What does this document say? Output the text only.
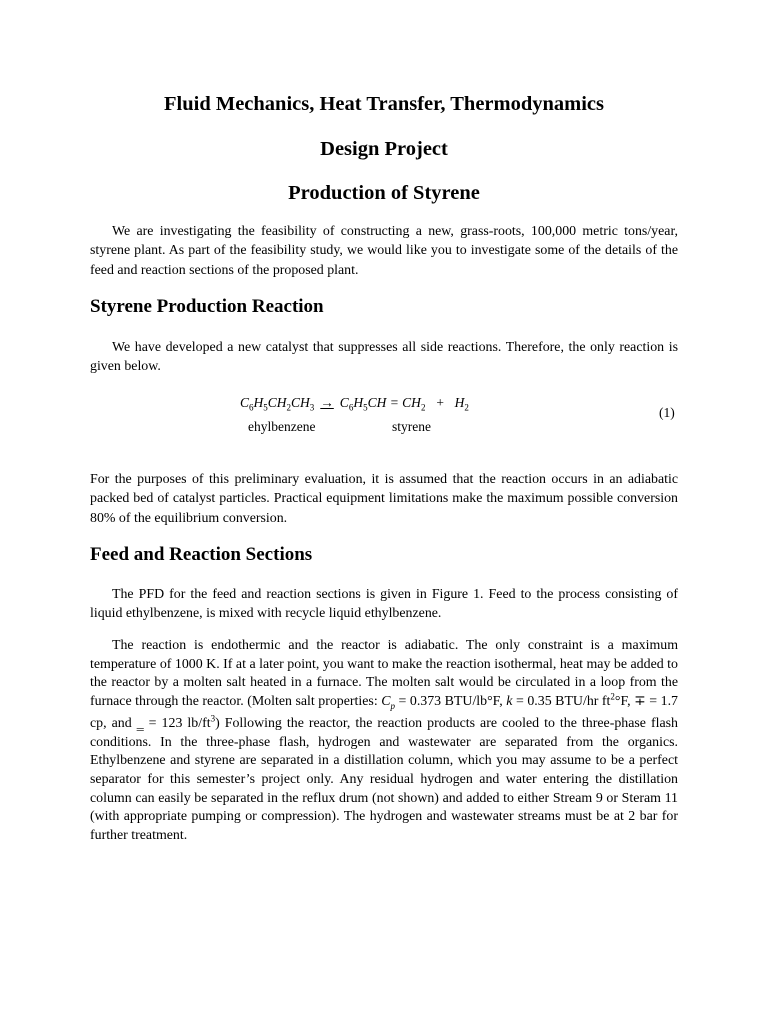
Fluid Mechanics, Heat Transfer, Thermodynamics
Design Project
Production of Styrene

We are investigating the feasibility of constructing a new, grass-roots, 100,000 metric tons/year, styrene plant. As part of the feasibility study, we would like you to investigate some of the details of the feed and reaction sections of the proposed plant.

Styrene Production Reaction

We have developed a new catalyst that suppresses all side reactions. Therefore, the only reaction is given below.

$C_6H_5CH_2CH_3 \to C_6H_5CH = CH_2 + H_2$
ehylbenzene	styrene
(1)

For the purposes of this preliminary evaluation, it is assumed that the reaction occurs in an adiabatic packed bed of catalyst particles. Practical equipment limitations make the maximum possible conversion 80% of the equilibrium conversion.

Feed and Reaction Sections

The PFD for the feed and reaction sections is given in Figure 1. Feed to the process consisting of liquid ethylbenzene, is mixed with recycle liquid ethylbenzene.

The reaction is endothermic and the reactor is adiabatic. The only constraint is a maximum temperature of 1000 K. If at a later point, you want to make the reaction isothermal, heat may be added to the reactor by a molten salt heated in a furnace. The molten salt would be circulated in a loop from the furnace through the reactor. (Molten salt properties: $C_p = 0.373$ BTU/lb°F, k = 0.35 BTU/hr $ft^2^\circ F$, ∓ = 1.7 cp, and ‗ = 123 $lb/ft^3$) Following the reactor, the reaction products are cooled to the three-phase flash conditions. In the three-phase flash, hydrogen and wastewater are separated from the organics. Ethylbenzene and styrene are separated in a distillation column, which you may assume to be a perfect separator for this semester’s project only. Any residual hydrogen and water entering the distillation column can easily be separated in the reflux drum (not shown) and added to either Stream 9 or Steram 11 (with appropriate pumping or compression). The hydrogen and wastewater streams must be at 2 bar for further treatment.
